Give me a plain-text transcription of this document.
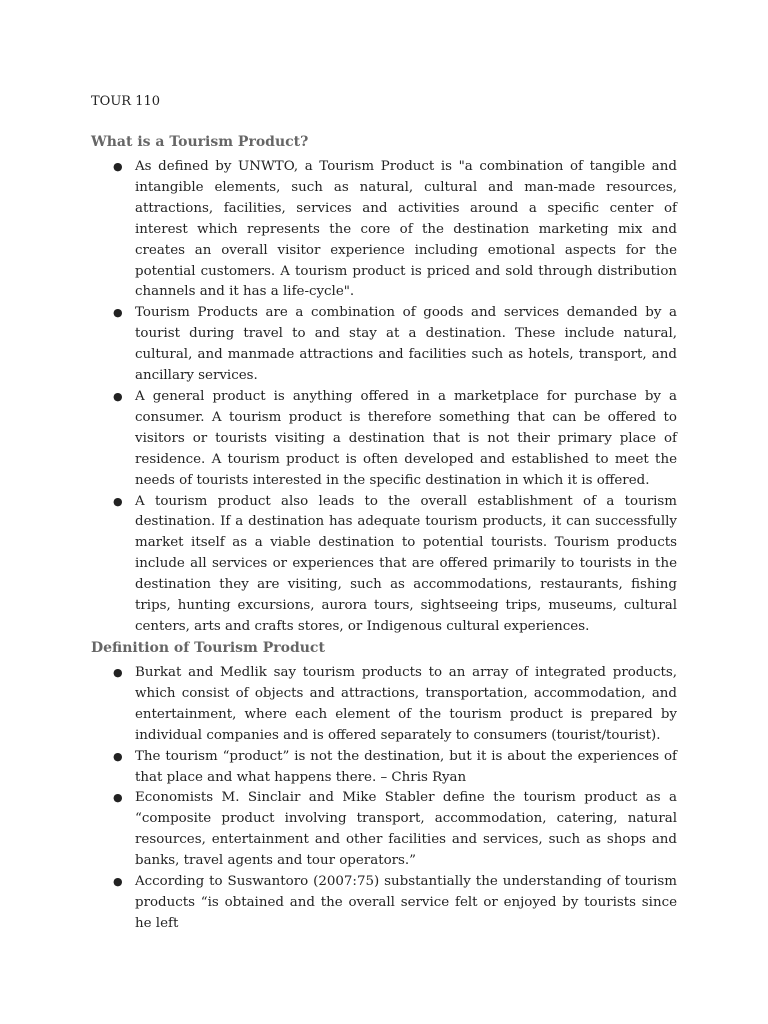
TOUR 110
What is a Tourism Product?
● As defined by UNWTO, a Tourism Product is "a combination of tangible and intangible elements, such as natural, cultural and man-made resources, attractions, facilities, services and activities around a specific center of interest which represents the core of the destination marketing mix and creates an overall visitor experience including emotional aspects for the potential customers. A tourism product is priced and sold through distribution channels and it has a life-cycle".
● Tourism Products are a combination of goods and services demanded by a tourist during travel to and stay at a destination. These include natural, cultural, and manmade attractions and facilities such as hotels, transport, and ancillary services.
● A general product is anything offered in a marketplace for purchase by a consumer. A tourism product is therefore something that can be offered to visitors or tourists visiting a destination that is not their primary place of residence. A tourism product is often developed and established to meet the needs of tourists interested in the specific destination in which it is offered.
● A tourism product also leads to the overall establishment of a tourism destination. If a destination has adequate tourism products, it can successfully market itself as a viable destination to potential tourists. Tourism products include all services or experiences that are offered primarily to tourists in the destination they are visiting, such as accommodations, restaurants, fishing trips, hunting excursions, aurora tours, sightseeing trips, museums, cultural centers, arts and crafts stores, or Indigenous cultural experiences.
Definition of Tourism Product
● Burkat and Medlik say tourism products to an array of integrated products, which consist of objects and attractions, transportation, accommodation, and entertainment, where each element of the tourism product is prepared by individual companies and is offered separately to consumers (tourist/tourist).
● The tourism “product” is not the destination, but it is about the experiences of that place and what happens there. – Chris Ryan
● Economists M. Sinclair and Mike Stabler define the tourism product as a “composite product involving transport, accommodation, catering, natural resources, entertainment and other facilities and services, such as shops and banks, travel agents and tour operators.”
● According to Suswantoro (2007:75) substantially the understanding of tourism products “is obtained and the overall service felt or enjoyed by tourists since he left
